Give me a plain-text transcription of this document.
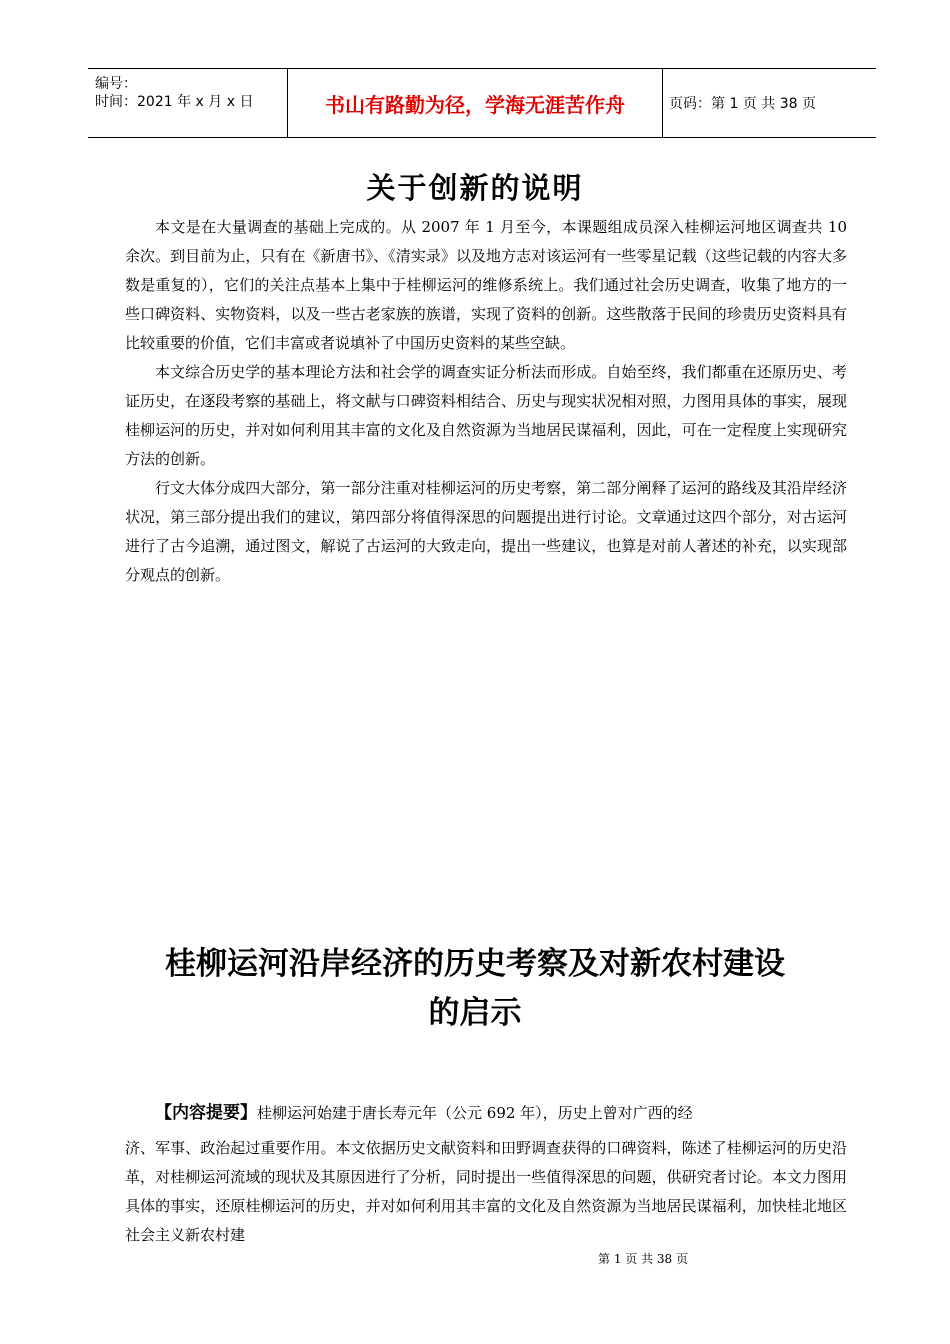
编号：
时间：2021 年 x 月 x 日	书山有路勤为径，学海无涯苦作舟	页码：第 1 页 共 38 页
关于创新的说明

本文是在大量调查的基础上完成的。从 2007 年 1 月至今，本课题组成员深入桂柳运河地区调查共 10 余次。到目前为止，只有在《新唐书》、《清实录》以及地方志对该运河有一些零星记载（这些记载的内容大多数是重复的），它们的关注点基本上集中于桂柳运河的维修系统上。我们通过社会历史调查，收集了地方的一些口碑资料、实物资料，以及一些古老家族的族谱，实现了资料的创新。这些散落于民间的珍贵历史资料具有比较重要的价值，它们丰富或者说填补了中国历史资料的某些空缺。

本文综合历史学的基本理论方法和社会学的调查实证分析法而形成。自始至终，我们都重在还原历史、考证历史，在逐段考察的基础上，将文献与口碑资料相结合、历史与现实状况相对照，力图用具体的事实，展现桂柳运河的历史，并对如何利用其丰富的文化及自然资源为当地居民谋福利，因此，可在一定程度上实现研究方法的创新。

行文大体分成四大部分，第一部分注重对桂柳运河的历史考察，第二部分阐释了运河的路线及其沿岸经济状况，第三部分提出我们的建议，第四部分将值得深思的问题提出进行讨论。文章通过这四个部分，对古运河进行了古今追溯，通过图文，解说了古运河的大致走向，提出一些建议，也算是对前人著述的补充，以实现部分观点的创新。

桂柳运河沿岸经济的历史考察及对新农村建设
的启示

【内容提要】桂柳运河始建于唐长寿元年（公元 692 年），历史上曾对广西的经

济、军事、政治起过重要作用。本文依据历史文献资料和田野调查获得的口碑资料，陈述了桂柳运河的历史沿革，对桂柳运河流域的现状及其原因进行了分析，同时提出一些值得深思的问题，供研究者讨论。本文力图用具体的事实，还原桂柳运河的历史，并对如何利用其丰富的文化及自然资源为当地居民谋福利，加快桂北地区社会主义新农村建

第 1 页 共 38 页
